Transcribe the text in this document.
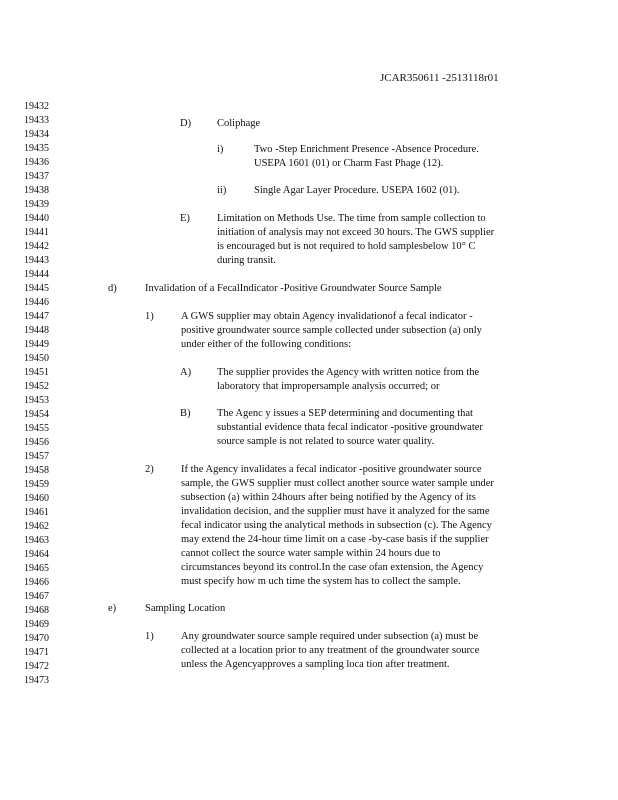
JCAR350611 -2513118r01
19432
19433
19434
19435
19436
19437
19438
19439
19440
19441
19442
19443
19444
19445
19446
19447
19448
19449
19450
19451
19452
19453
19454
19455
19456
19457
19458
19459
19460
19461
19462
19463
19464
19465
19466
19467
19468
19469
19470
19471
19472
19473
D) Coliphage
i)	Two -Step Enrichment Presence -Absence Procedure.
USEPA 1601 (01) or Charm Fast Phage (12).
ii)	Single Agar Layer Procedure. USEPA 1602 (01).
E)	Limitation on Methods Use. The time from sample collection to
initiation of analysis may not exceed 30 hours. The GWS supplier
is encouraged but is not required to hold samplesbelow 10° C
during transit.
d)	Invalidation of a FecalIndicator -Positive Groundwater Source Sample
1)	A GWS supplier may obtain Agency invalidationof a fecal indicator -
positive groundwater source sample collected under subsection (a) only
under either of the following conditions:
A) The supplier provides the Agency with written notice from the
laboratory that impropersample analysis occurred; or
B)	The Agenc y issues a SEP determining and documenting that
substantial evidence thata fecal indicator -positive groundwater
source sample is not related to source water quality.
2)	If the Agency invalidates a fecal indicator -positive groundwater source
sample, the GWS supplier must collect another source water sample under
subsection (a) within 24hours after being notified by the Agency of its
invalidation decision, and the supplier must have it analyzed for the same
fecal indicator using the analytical methods in subsection (c). The Agency
may extend the 24-hour time limit on a case -by-case basis if the supplier
cannot collect the source water sample within 24 hours due to
circumstances beyond its control.In the case ofan extension, the Agency
must specify how m uch time the system has to collect the sample.
e)	Sampling Location
1)	Any groundwater source sample required under subsection (a) must be
collected at a location prior to any treatment of the groundwater source
unless the Agencyapproves a sampling loca tion after treatment.
